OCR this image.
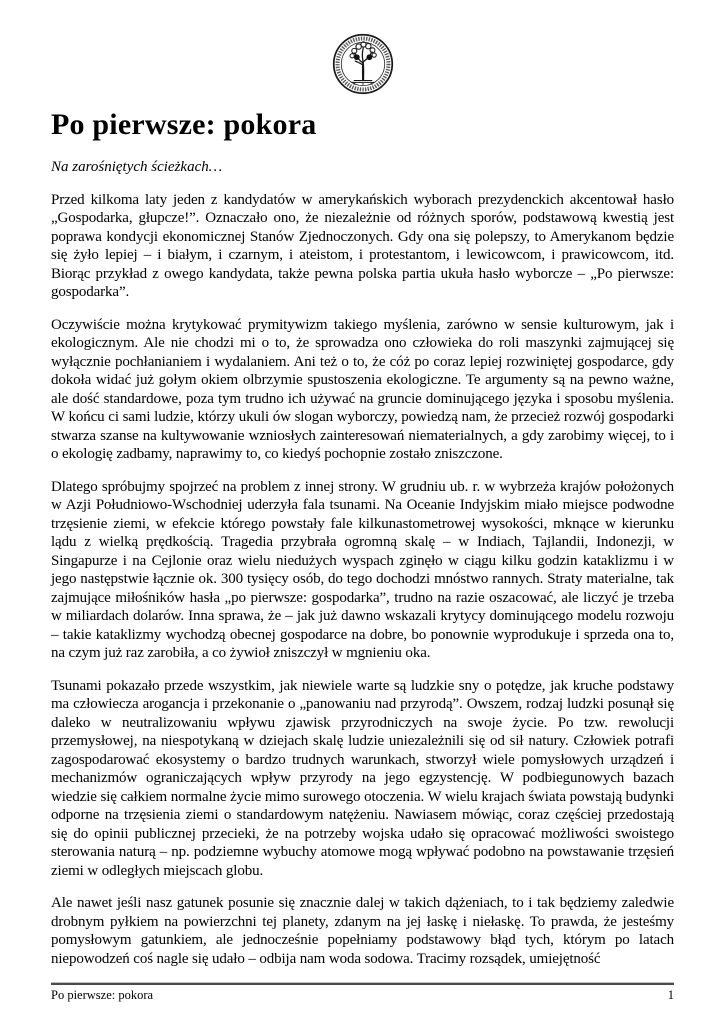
Po pierwsze: pokora

Na zarośniętych ścieżkach…

Przed kilkoma laty jeden z kandydatów w amerykańskich wyborach prezydenckich akcentował hasło „Gospodarka, głupcze!”. Oznaczało ono, że niezależnie od różnych sporów, podstawową kwestią jest poprawa kondycji ekonomicznej Stanów Zjednoczonych. Gdy ona się polepszy, to Amerykanom będzie się żyło lepiej – i białym, i czarnym, i ateistom, i protestantom, i lewicowcom, i prawicowcom, itd. Biorąc przykład z owego kandydata, także pewna polska partia ukuła hasło wyborcze – „Po pierwsze: gospodarka”.

Oczywiście można krytykować prymitywizm takiego myślenia, zarówno w sensie kulturowym, jak i ekologicznym. Ale nie chodzi mi o to, że sprowadza ono człowieka do roli maszynki zajmującej się wyłącznie pochłanianiem i wydalaniem. Ani też o to, że cóż po coraz lepiej rozwiniętej gospodarce, gdy dokoła widać już gołym okiem olbrzymie spustoszenia ekologiczne. Te argumenty są na pewno ważne, ale dość standardowe, poza tym trudno ich używać na gruncie dominującego języka i sposobu myślenia. W końcu ci sami ludzie, którzy ukuli ów slogan wyborczy, powiedzą nam, że przecież rozwój gospodarki stwarza szanse na kultywowanie wzniosłych zainteresowań niematerialnych, a gdy zarobimy więcej, to i o ekologię zadbamy, naprawimy to, co kiedyś pochopnie zostało zniszczone.

Dlatego spróbujmy spojrzeć na problem z innej strony. W grudniu ub. r. w wybrzeża krajów położonych w Azji Południowo-Wschodniej uderzyła fala tsunami. Na Oceanie Indyjskim miało miejsce podwodne trzęsienie ziemi, w efekcie którego powstały fale kilkunastometrowej wysokości, mknące w kierunku lądu z wielką prędkością. Tragedia przybrała ogromną skalę – w Indiach, Tajlandii, Indonezji, w Singapurze i na Cejlonie oraz wielu niedużych wyspach zginęło w ciągu kilku godzin kataklizmu i w jego następstwie łącznie ok. 300 tysięcy osób, do tego dochodzi mnóstwo rannych. Straty materialne, tak zajmujące miłośników hasła „po pierwsze: gospodarka”, trudno na razie oszacować, ale liczyć je trzeba w miliardach dolarów. Inna sprawa, że – jak już dawno wskazali krytycy dominującego modelu rozwoju – takie kataklizmy wychodzą obecnej gospodarce na dobre, bo ponownie wyprodukuje i sprzeda ona to, na czym już raz zarobiła, a co żywioł zniszczył w mgnieniu oka.

Tsunami pokazało przede wszystkim, jak niewiele warte są ludzkie sny o potędze, jak kruche podstawy ma człowiecza arogancja i przekonanie o „panowaniu nad przyrodą”. Owszem, rodzaj ludzki posunął się daleko w neutralizowaniu wpływu zjawisk przyrodniczych na swoje życie. Po tzw. rewolucji przemysłowej, na niespotykaną w dziejach skalę ludzie uniezależnili się od sił natury. Człowiek potrafi zagospodarować ekosystemy o bardzo trudnych warunkach, stworzył wiele pomysłowych urządzeń i mechanizmów ograniczających wpływ przyrody na jego egzystencję. W podbiegunowych bazach wiedzie się całkiem normalne życie mimo surowego otoczenia. W wielu krajach świata powstają budynki odporne na trzęsienia ziemi o standardowym natężeniu. Nawiasem mówiąc, coraz częściej przedostają się do opinii publicznej przecieki, że na potrzeby wojska udało się opracować możliwości swoistego sterowania naturą – np. podziemne wybuchy atomowe mogą wpływać podobno na powstawanie trzęsień ziemi w odległych miejscach globu.

Ale nawet jeśli nasz gatunek posunie się znacznie dalej w takich dążeniach, to i tak będziemy zaledwie drobnym pyłkiem na powierzchni tej planety, zdanym na jej łaskę i niełaskę. To prawda, że jesteśmy pomysłowym gatunkiem, ale jednocześnie popełniamy podstawowy błąd tych, którym po latach niepowodzeń coś nagle się udało – odbija nam woda sodowa. Tracimy rozsądek, umiejętność

Po pierwsze: pokora	1
